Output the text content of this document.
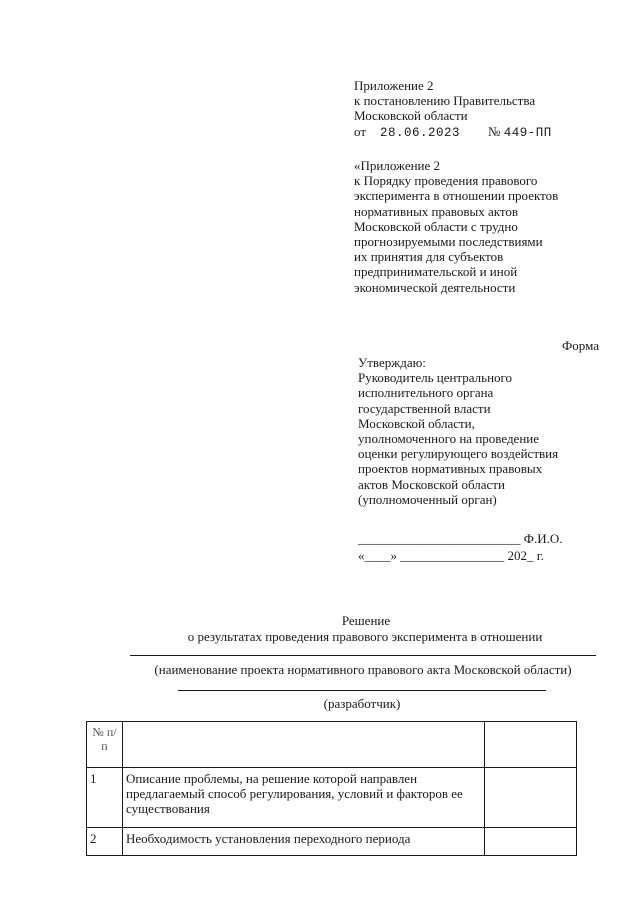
Приложение 2
к постановлению Правительства
Московской области
от 28.06.2023 № 449-ПП
«Приложение 2
к Порядку проведения правового
эксперимента в отношении проектов
нормативных правовых актов
Московской области с трудно
прогнозируемыми последствиями
их принятия для субъектов
предпринимательской и иной
экономической деятельности
Форма
Утверждаю:
Руководитель центрального
исполнительного органа
государственной власти
Московской области,
уполномоченного на проведение
оценки регулирующего воздействия
проектов нормативных правовых
актов Московской области
(уполномоченный орган)
_________________________ Ф.И.О.
«____» ________________ 202_ г.
Решение
о результатах проведения правового эксперимента в отношении
(наименование проекта нормативного правового акта Московской области)
(разработчик)
№ п/п		
1	Описание проблемы, на решение которой направлен предлагаемый способ регулирования, условий и факторов ее существования	
2	Необходимость установления переходного периода	
